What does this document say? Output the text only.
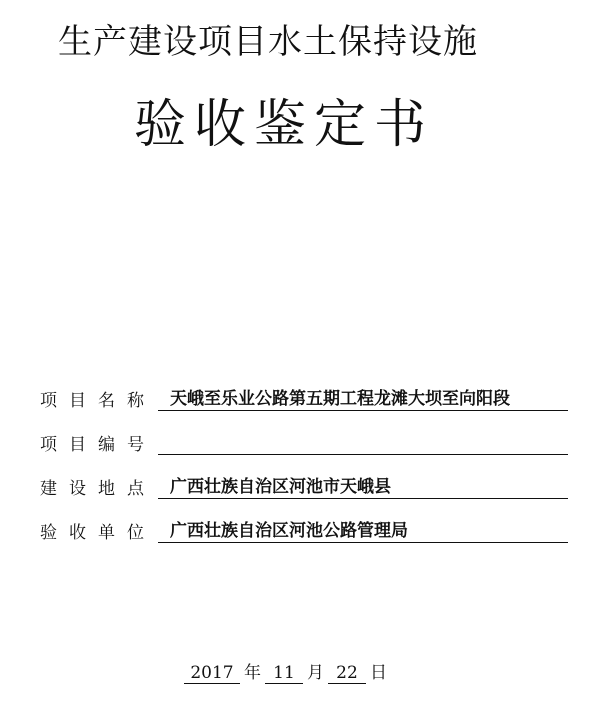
生产建设项目水土保持设施
验收鉴定书
项目名称 天峨至乐业公路第五期工程龙滩大坝至向阳段
项目编号
建设地点 广西壮族自治区河池市天峨县
验收单位 广西壮族自治区河池公路管理局
2017 年 11 月 22 日
